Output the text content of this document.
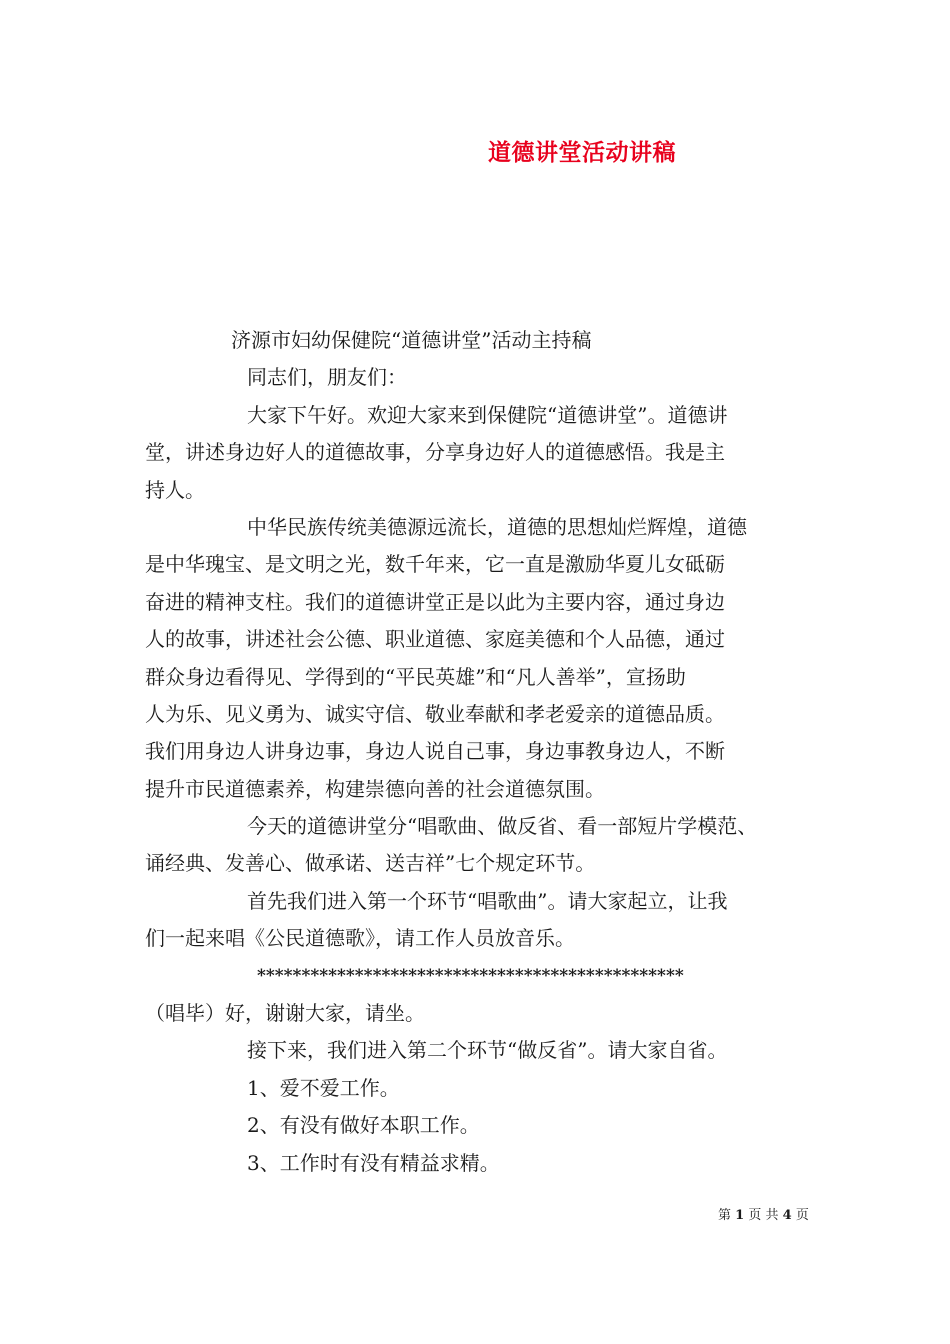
道德讲堂活动讲稿
济源市妇幼保健院“道德讲堂”活动主持稿
同志们，朋友们：
大家下午好。欢迎大家来到保健院“道德讲堂”。道德讲
堂，讲述身边好人的道德故事，分享身边好人的道德感悟。我是主
持人。
中华民族传统美德源远流长，道德的思想灿烂辉煌，道德
是中华瑰宝、是文明之光，数千年来，它一直是激励华夏儿女砥砺
奋进的精神支柱。我们的道德讲堂正是以此为主要内容，通过身边
人的故事，讲述社会公德、职业道德、家庭美德和个人品德，通过
群众身边看得见、学得到的“平民英雄”和“凡人善举”，宣扬助
人为乐、见义勇为、诚实守信、敬业奉献和孝老爱亲的道德品质。
我们用身边人讲身边事，身边人说自己事，身边事教身边人，不断
提升市民道德素养，构建崇德向善的社会道德氛围。
今天的道德讲堂分“唱歌曲、做反省、看一部短片学模范、
诵经典、发善心、做承诺、送吉祥”七个规定环节。
首先我们进入第一个环节“唱歌曲”。请大家起立，让我
们一起来唱《公民道德歌》，请工作人员放音乐。
************************************************
（唱毕）好，谢谢大家，请坐。
接下来，我们进入第二个环节“做反省”。请大家自省。
1、爱不爱工作。
2、有没有做好本职工作。
3、工作时有没有精益求精。
第 1 页 共 4 页
